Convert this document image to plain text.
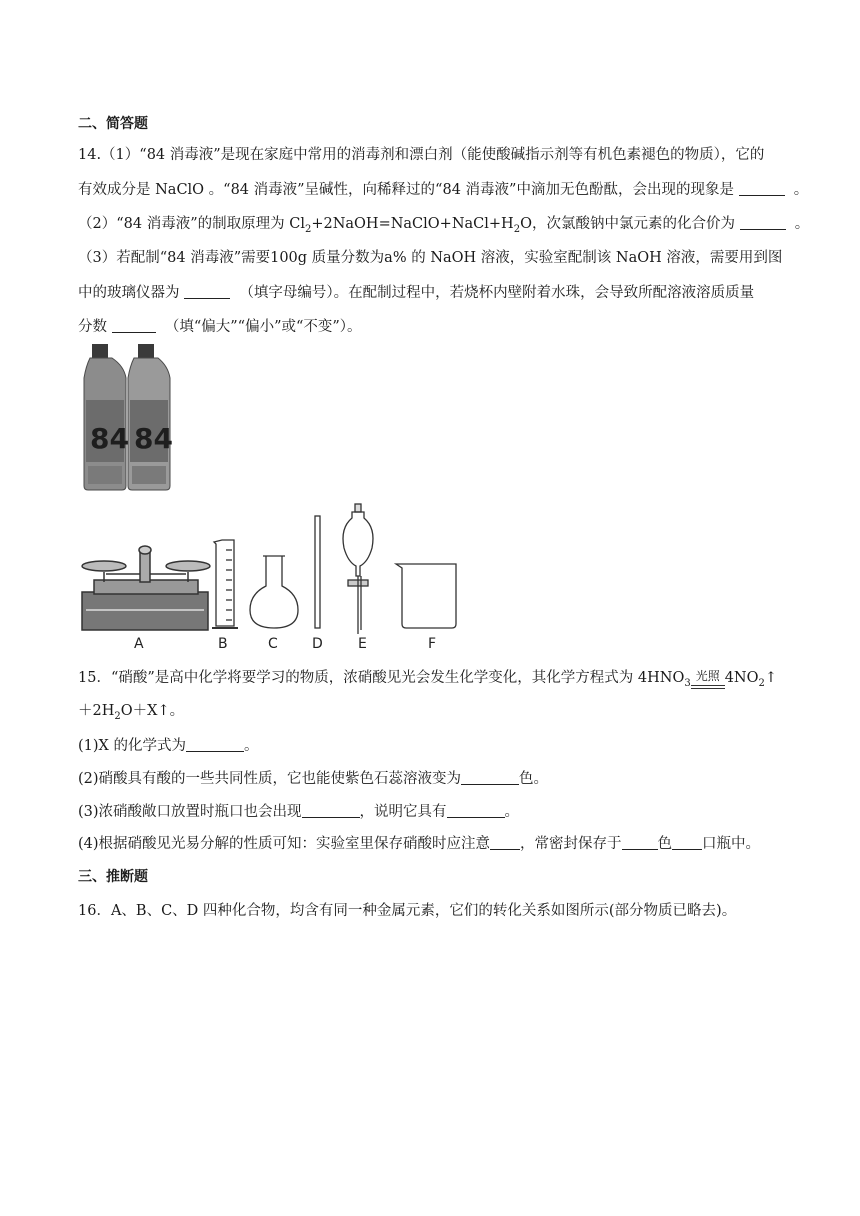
二、简答题
14.（1）“84 消毒液”是现在家庭中常用的消毒剂和漂白剂（能使酸碱指示剂等有机色素褪色的物质），它的
有效成分是 NaClO 。“84 消毒液”呈碱性，向稀释过的“84 消毒液”中滴加无色酚酞，会出现的现象是	。
（2）“84 消毒液”的制取原理为 $Cl_2+2NaOH=NaClO+NaCl+H_2O$，次氯酸钠中氯元素的化合价为	。
（3）若配制“84 消毒液”需要100g 质量分数为a% 的 NaOH 溶液，实验室配制该 NaOH 溶液，需要用到图
中的玻璃仪器为	（填字母编号）。在配制过程中，若烧杯内壁附着水珠，会导致所配溶液溶质质量
分数	（填“偏大”“偏小”或“不变”）。
84 84
A	B	C D	E	F
15．“硝酸”是高中化学将要学习的物质，浓硝酸见光会发生化学变化，其化学方程式为 $4HNO_3$光照 $4NO_2↑$
$+2H_2O+X↑$。
(1)X 的化学式为	。
(2)硝酸具有酸的一些共同性质，它也能使紫色石蕊溶液变为	色。
(3)浓硝酸敞口放置时瓶口也会出现	，说明它具有	。
(4)根据硝酸见光易分解的性质可知：实验室里保存硝酸时应注意 ，常密封保存于 色 口瓶中。
三、推断题
16．A、B、C、D 四种化合物，均含有同一种金属元素，它们的转化关系如图所示(部分物质已略去)。
